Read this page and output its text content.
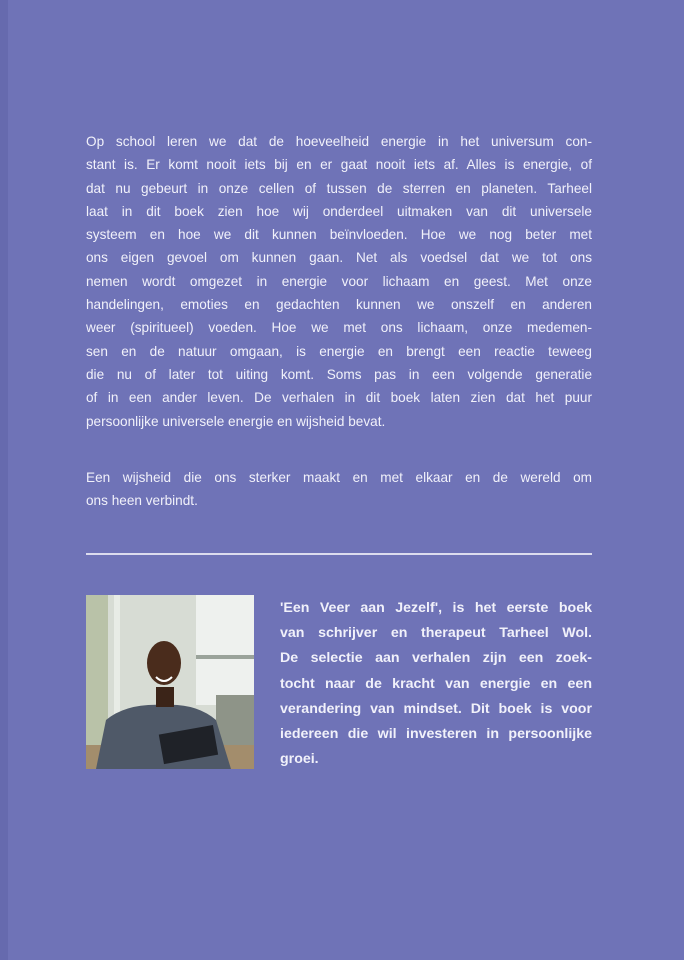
Op school leren we dat de hoeveelheid energie in het universum con-
stant is. Er komt nooit iets bij en er gaat nooit iets af. Alles is energie, of
dat nu gebeurt in onze cellen of tussen de sterren en planeten. Tarheel
laat in dit boek zien hoe wij onderdeel uitmaken van dit universele
systeem en hoe we dit kunnen beïnvloeden. Hoe we nog beter met
ons eigen gevoel om kunnen gaan. Net als voedsel dat we tot ons
nemen wordt omgezet in energie voor lichaam en geest. Met onze
handelingen, emoties en gedachten kunnen we onszelf en anderen
weer (spiritueel) voeden. Hoe we met ons lichaam, onze medemen-
sen en de natuur omgaan, is energie en brengt een reactie teweeg
die nu of later tot uiting komt. Soms pas in een volgende generatie
of in een ander leven. De verhalen in dit boek laten zien dat het puur
persoonlijke universele energie en wijsheid bevat.
Een wijsheid die ons sterker maakt en met elkaar en de wereld om
ons heen verbindt.
'Een Veer aan Jezelf', is het eerste boek
van schrijver en therapeut Tarheel Wol.
De selectie aan verhalen zijn een zoek-
tocht naar de kracht van energie en een
verandering van mindset. Dit boek is voor
iedereen die wil investeren in persoonlijke
groei.
